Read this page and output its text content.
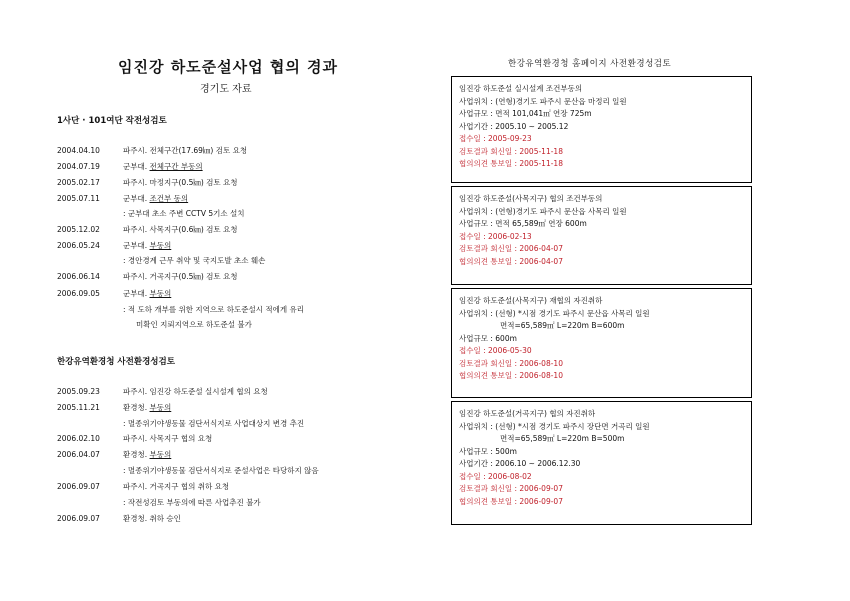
임진강 하도준설사업 협의 경과
경기도 자료
1사단 · 101여단 작전성검토
2004.04.10	파주시. 전체구간(17.69㎞) 검토 요청
2004.07.19	군부대. 전체구간 부동의
2005.02.17	파주시. 마정지구(0.5㎞) 검토 요청
2005.07.11	군부대. 조건부 동의
: 군부대 초소 주변 CCTV 5기소 설치
2005.12.02	파주시. 사목지구(0.6㎞) 검토 요청
2006.05.24	군부대. 부동의
: 경안경계 근무 취약 및 국지도발 초소 훼손
2006.06.14	파주시. 거곡지구(0.5㎞) 검토 요청
2006.09.05	군부대. 부동의
: 적 도하 개부를 위한 지역으로 하도준설시 적에게 유리
미확인 지뢰지역으로 하도준설 불가
한강유역환경청 사전환경성검토
2005.09.23	파주시. 임진강 하도준설 실시설계 협의 요청
2005.11.21	환경청. 부동의
: 멸종위기야생동물 검단서식지로 사업대상지 변경 추진
2006.02.10	파주시. 사목지구 협의 요청
2006.04.07	환경청. 부동의
: 멸종위기야생동물 검단서식지로 준설사업은 타당하지 않음
2006.09.07	파주시. 거곡지구 협의 취하 요청
: 작전성검토 부동의에 따른 사업추진 불가
2006.09.07	환경청. 취하 승인
한강유역환경청 홈페이지 사전환경성검토
임진강 하도준설 실시설계 조건부동의
사업위치 : (연형)경기도 파주시 문산읍 마정리 일원
사업규모 : 면적 101,041㎡ 연장 725m
사업기간 : 2005.10 ~ 2005.12
접수일 : 2005-09-23
검토결과 회신일 : 2005-11-18
협의의견 통보일 : 2005-11-18
임진강 하도준설(사목지구) 협의 조건부동의
사업위치 : (연형)경기도 파주시 문산읍 사목리 일원
사업규모 : 면적 65,589㎡ 연장 600m
접수일 : 2006-02-13
검토결과 회신일 : 2006-04-07
협의의견 통보일 : 2006-04-07
임진강 하도준설(사목지구) 재협의 자진취하
사업위치 : (선형) *시점 경기도 파주시 문산읍 사목리 일원
면적=65,589㎡ L=220m B=600m
사업규모 : 600m
접수일 : 2006-05-30
검토결과 회신일 : 2006-08-10
협의의견 통보일 : 2006-08-10
임진강 하도준설(거곡지구) 협의 자진취하
사업위치 : (선형) *시점 경기도 파주시 장단면 거곡리 일원
면적=65,589㎡ L=220m B=500m
사업규모 : 500m
사업기간 : 2006.10 ~ 2006.12.30
접수일 : 2006-08-02
검토결과 회신일 : 2006-09-07
협의의견 통보일 : 2006-09-07
